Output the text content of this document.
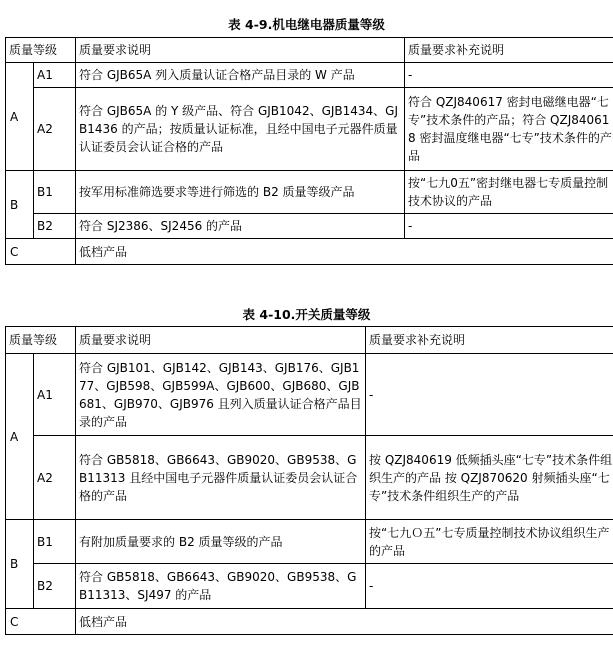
表 4-9.机电继电器质量等级
质量等级		质量要求说明	质量要求补充说明
A	A1	符合 GJB65A 列入质量认证合格产品目录的 W 产品	-
	A2	符合 GJB65A 的 Y 级产品、符合 GJB1042、GJB1434、GJB1436 的产品；按质量认证标准，且经中国电子元器件质量认证委员会认证合格的产品	符合 QZJ840617 密封电磁继电器“七专”技术条件的产品；符合 QZJ840618 密封温度继电器“七专”技术条件的产品
B	B1	按军用标准筛选要求等进行筛选的 B2 质量等级产品	按“七九0五”密封继电器七专质量控制技术协议的产品
	B2	符合 SJ2386、SJ2456 的产品	-
C		低档产品	
表 4-10.开关质量等级
质量等级		质量要求说明	质量要求补充说明
A	A1	符合 GJB101、GJB142、GJB143、GJB176、GJB177、GJB598、GJB599A、GJB600、GJB680、GJB681、GJB970、GJB976 且列入质量认证合格产品目录的产品	-
	A2	符合 GB5818、GB6643、GB9020、GB9538、GB11313 且经中国电子元器件质量认证委员会认证合格的产品	按 QZJ840619 低频插头座“七专”技术条件组织生产的产品 按 QZJ870620 射频插头座“七专”技术条件组织生产的产品
B	B1	有附加质量要求的 B2 质量等级的产品	按“七九Ｏ五”七专质量控制技术协议组织生产的产品
	B2	符合 GB5818、GB6643、GB9020、GB9538、GB11313、SJ497 的产品	-
C		低档产品	
